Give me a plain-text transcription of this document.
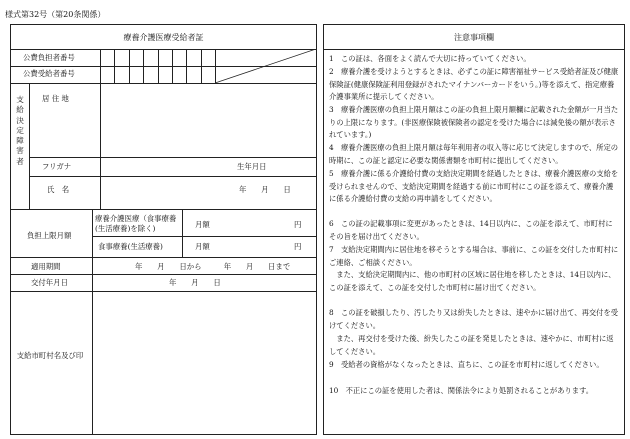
様式第32号（第20条関係）
療養介護医療受給者証
公費負担者番号
公費受給者番号
支給決定障害者
居 住 地
フリガナ	生年月日
氏　名	年　　月　　日
負担上限月額
療養介護医療（食事療養(生活療養)を除く)	月額	円
食事療養(生活療養)	月額	円
適用期間	年　　月　　日から　　　年　　月　　日まで
交付年月日	年　　月　　日
支給市町村名及び印
注意事項欄
1　この証は、各面をよく読んで大切に持っていてください。
2　療養介護を受けようとするときは、必ずこの証に障害福祉サービス受給者証及び健康保険証(健康保険証利用登録がされたマイナンバーカードをいう。)等を添えて、指定療養介護事業所に提示してください。
3　療養介護医療の負担上限月額はこの証の負担上限月額欄に記載された金額が一月当たりの上限になります。(非医療保険被保険者の認定を受けた場合には減免後の額が表示されています。)
4　療養介護医療の負担上限月額は毎年利用者の収入等に応じて決定しますので、所定の時期に、この証と認定に必要な関係書類を市町村に提出してください。
5　療養介護に係る介護給付費の支給決定期間を経過したときは、療養介護医療の支給を受けられませんので、支給決定期間を経過する前に市町村にこの証を添えて、療養介護に係る介護給付費の支給の再申請をしてください。
6　この証の記載事項に変更があったときは、14日以内に、この証を添えて、市町村にその旨を届け出てください。
7　支給決定期間内に居住地を移そうとする場合は、事前に、この証を交付した市町村にご連絡、ご相談ください。
　また、支給決定期間内に、他の市町村の区域に居住地を移したときは、14日以内に、この証を添えて、この証を交付した市町村に届け出てください。
8　この証を破損したり、汚したり又は紛失したときは、速やかに届け出て、再交付を受けてください。
　また、再交付を受けた後、紛失したこの証を発見したときは、速やかに、市町村に返してください。
9　受給者の資格がなくなったときは、直ちに、この証を市町村に返してください。
10　不正にこの証を使用した者は、関係法令により処罰されることがあります。
